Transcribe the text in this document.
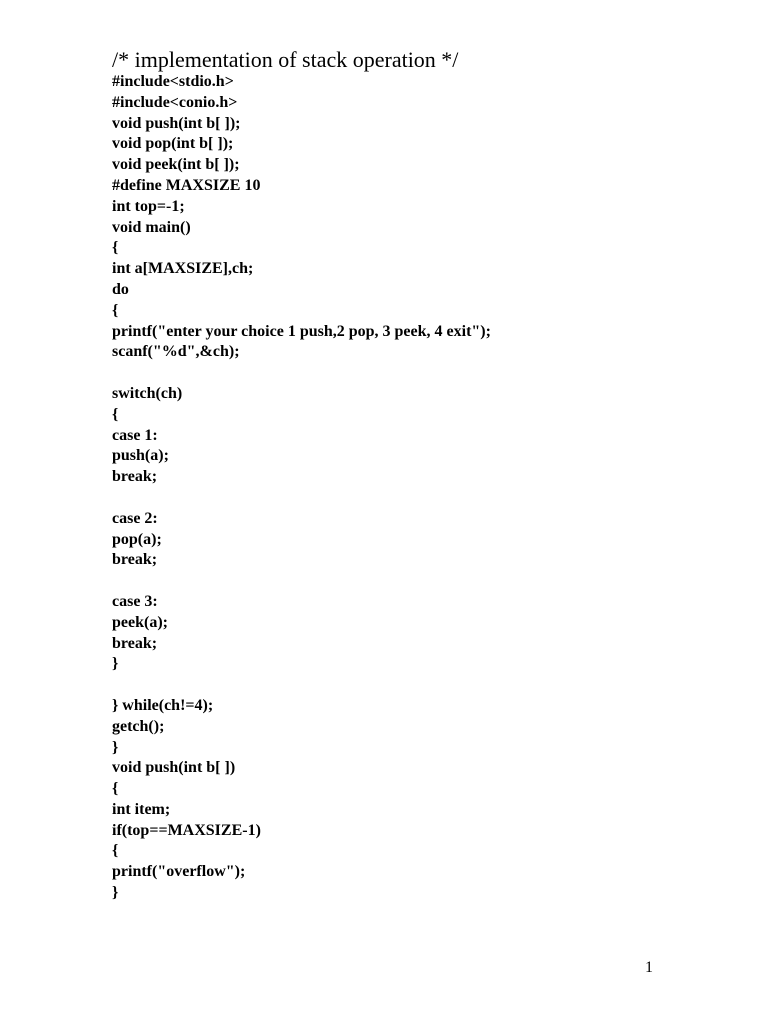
/* implementation of stack operation */
#include<stdio.h>
#include<conio.h>
void push(int b[ ]);
void pop(int b[ ]);
void peek(int b[ ]);
#define MAXSIZE 10
int top=-1;
void main()
{
int a[MAXSIZE],ch;
do
{
printf("enter your choice 1 push,2 pop, 3 peek, 4 exit");
scanf("%d",&ch);
switch(ch)
{
case 1:
push(a);
break;
case 2:
pop(a);
break;
case 3:
peek(a);
break;
}
} while(ch!=4);
getch();
}
void push(int b[ ])
{
int item;
if(top==MAXSIZE-1)
{
printf("overflow");
}
1
